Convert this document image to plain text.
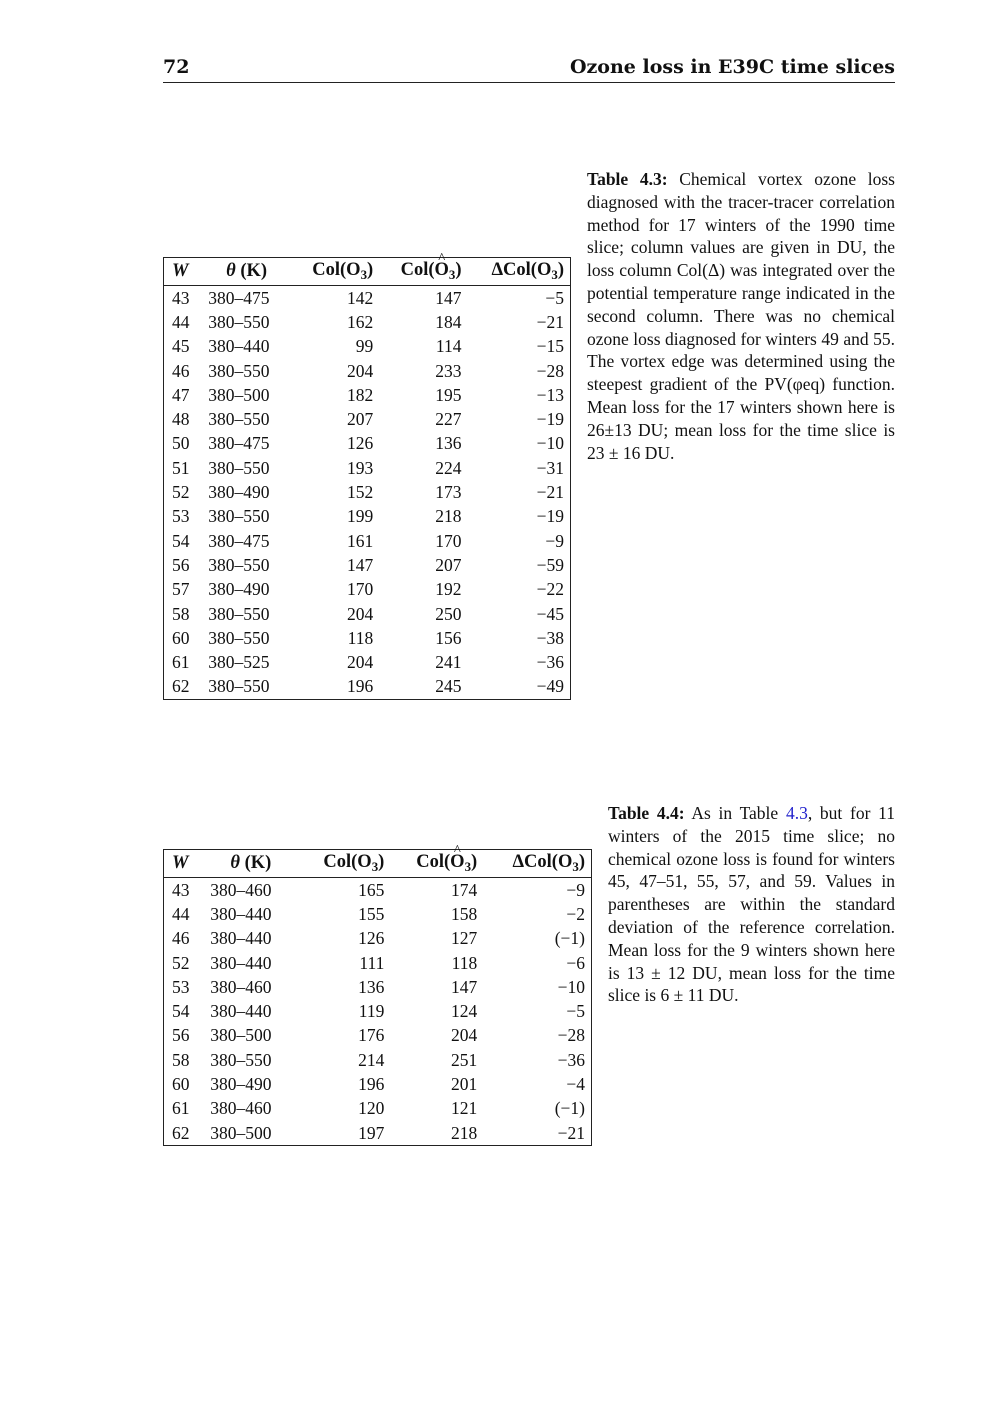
72	Ozone loss in E39C time slices
W	θ (K)	$Col(O_3)$	Col(^ $O_3$)	$\Delta Col(O_3)$
43	380–475	142	147	−5
44	380–550	162	184	−21
45	380–440	99	114	−15
46	380–550	204	233	−28
47	380–500	182	195	−13
48	380–550	207	227	−19
50	380–475	126	136	−10
51	380–550	193	224	−31
52	380–490	152	173	−21
53	380–550	199	218	−19
54	380–475	161	170	−9
56	380–550	147	207	−59
57	380–490	170	192	−22
58	380–550	204	250	−45
60	380–550	118	156	−38
61	380–525	204	241	−36
62	380–550	196	245	−49
Table 4.3: Chemical vortex ozone loss diagnosed with the tracer-tracer correlation method for 17 winters of the 1990 time slice; column values are given in DU, the loss column Col(Δ) was integrated over the potential temperature range indicated in the second column. There was no chemical ozone loss diagnosed for winters 49 and 55. The vortex edge was determined using the steepest gradient of the PV(φeq) function. Mean loss for the 17 winters shown here is 26±13 DU; mean loss for the time slice is 23 ± 16 DU.
W	θ (K)	$Col(O_3)$	Col(^ $O_3$)	$\Delta Col(O_3)$
43	380–460	165	174	−9
44	380–440	155	158	−2
46	380–440	126	127	(−1)
52	380–440	111	118	−6
53	380–460	136	147	−10
54	380–440	119	124	−5
56	380–500	176	204	−28
58	380–550	214	251	−36
60	380–490	196	201	−4
61	380–460	120	121	(−1)
62	380–500	197	218	−21
Table 4.4: As in Table 4.3, but for 11 winters of the 2015 time slice; no chemical ozone loss is found for winters 45, 47–51, 55, 57, and 59. Values in parentheses are within the standard deviation of the reference correlation. Mean loss for the 9 winters shown here is 13 ± 12 DU, mean loss for the time slice is 6 ± 11 DU.
